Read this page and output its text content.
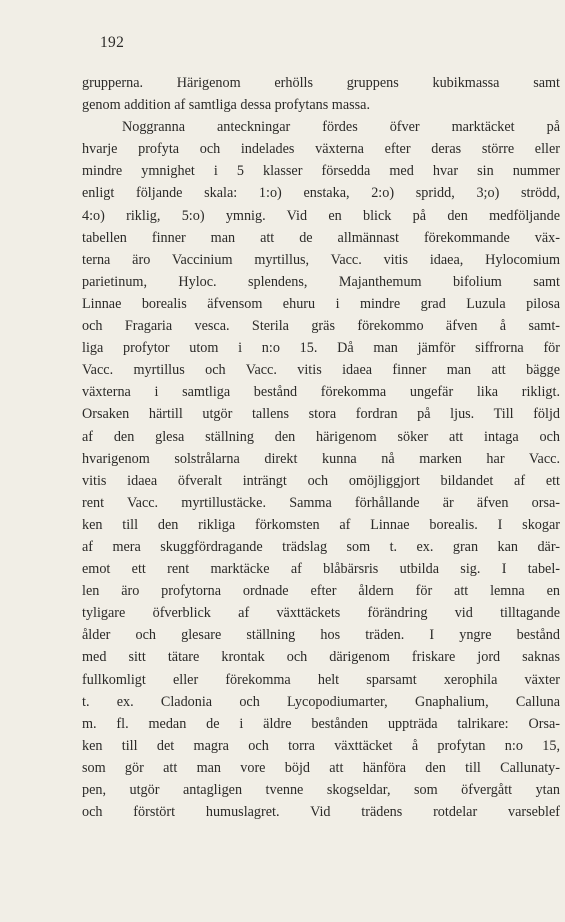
192
grupperna. Härigenom erhölls gruppens kubikmassa samt
genom addition af samtliga dessa profytans massa.
Noggranna anteckningar fördes öfver marktäcket på
hvarje profyta och indelades växterna efter deras större eller
mindre ymnighet i 5 klasser försedda med hvar sin nummer
enligt följande skala: 1:o) enstaka, 2:o) spridd, 3;o) strödd,
4:o) riklig, 5:o) ymnig. Vid en blick på den medföljande
tabellen finner man att de allmännast förekommande väx-
terna äro Vaccinium myrtillus, Vacc. vitis idaea, Hylocomium
parietinum, Hyloc. splendens, Majanthemum bifolium samt
Linnae borealis äfvensom ehuru i mindre grad Luzula pilosa
och Fragaria vesca. Sterila gräs förekommo äfven å samt-
liga profytor utom i n:o 15. Då man jämför siffrorna för
Vacc. myrtillus och Vacc. vitis idaea finner man att bägge
växterna i samtliga bestånd förekomma ungefär lika rikligt.
Orsaken härtill utgör tallens stora fordran på ljus. Till följd
af den glesa ställning den härigenom söker att intaga och
hvarigenom solstrålarna direkt kunna nå marken har Vacc.
vitis idaea öfveralt inträngt och omöjliggjort bildandet af ett
rent Vacc. myrtillustäcke. Samma förhållande är äfven orsa-
ken till den rikliga förkomsten af Linnae borealis. I skogar
af mera skuggfördragande trädslag som t. ex. gran kan där-
emot ett rent marktäcke af blåbärsris utbilda sig. I tabel-
len äro profytorna ordnade efter åldern för att lemna en
tyligare öfverblick af växttäckets förändring vid tilltagande
ålder och glesare ställning hos träden. I yngre bestånd
med sitt tätare krontak och därigenom friskare jord saknas
fullkomligt eller förekomma helt sparsamt xerophila växter
t. ex. Cladonia och Lycopodiumarter, Gnaphalium, Calluna
m. fl. medan de i äldre bestånden uppträda talrikare: Orsa-
ken till det magra och torra växttäcket å profytan n:o 15,
som gör att man vore böjd att hänföra den till Callunaty-
pen, utgör antagligen tvenne skogseldar, som öfvergått ytan
och förstört humuslagret. Vid trädens rotdelar varseblef
